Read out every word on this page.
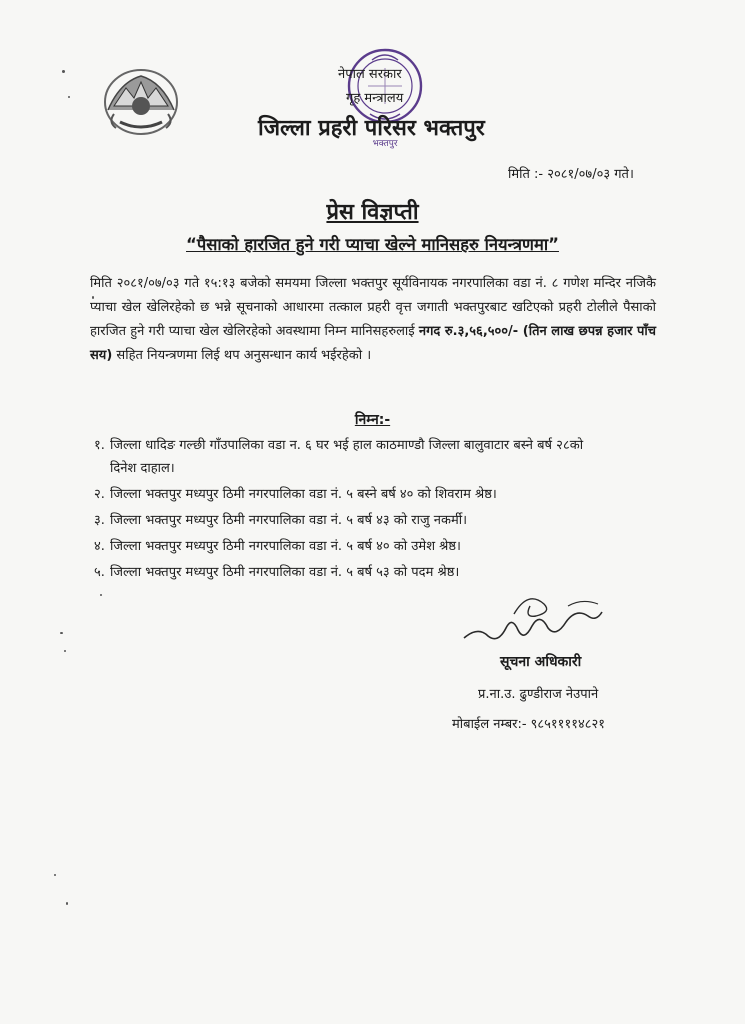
भक्तपुर
नेपाल सरकार
गृह मन्त्रालय
जिल्ला प्रहरी परिसर भक्तपुर
मिति :- २०८१/०७/०३ गते।
प्रेस विज्ञप्ती
“पैसाको हारजित हुने गरी प्याचा खेल्ने मानिसहरु नियन्त्रणमा”
मिति २०८१/०७/०३ गते १५:१३ बजेको समयमा जिल्ला भक्तपुर सूर्यविनायक नगरपालिका वडा नं. ८ गणेश मन्दिर नजिकै प्याचा खेल खेलिरहेको छ भन्ने सूचनाको आधारमा तत्काल प्रहरी वृत्त जगाती भक्तपुरबाट खटिएको प्रहरी टोलीले पैसाको हारजित हुने गरी प्याचा खेल खेलिरहेको अवस्थामा निम्न मानिसहरुलाई नगद रु.३,५६,५००/- (तिन लाख छपन्न हजार पाँच सय) सहित नियन्त्रणमा लिई थप अनुसन्धान कार्य भईरहेको ।
निम्न:-
१. जिल्ला धादिङ गल्छी गाँउपालिका वडा न. ६ घर भई हाल काठमाण्डौ जिल्ला बालुवाटार बस्ने बर्ष २८को
दिनेश दाहाल।
२. जिल्ला भक्तपुर मध्यपुर ठिमी नगरपालिका वडा नं. ५ बस्ने बर्ष ४० को शिवराम श्रेष्ठ।
३. जिल्ला भक्तपुर मध्यपुर ठिमी नगरपालिका वडा नं. ५ बर्ष ४३ को राजु नकर्मी।
४. जिल्ला भक्तपुर मध्यपुर ठिमी नगरपालिका वडा नं. ५ बर्ष ४० को उमेश श्रेष्ठ।
५. जिल्ला भक्तपुर मध्यपुर ठिमी नगरपालिका वडा नं. ५ बर्ष ५३ को पदम श्रेष्ठ।
सूचना अधिकारी
प्र.ना.उ. ढुण्डीराज नेउपाने
मोबाईल नम्बर:- ९८५११११४८२१
